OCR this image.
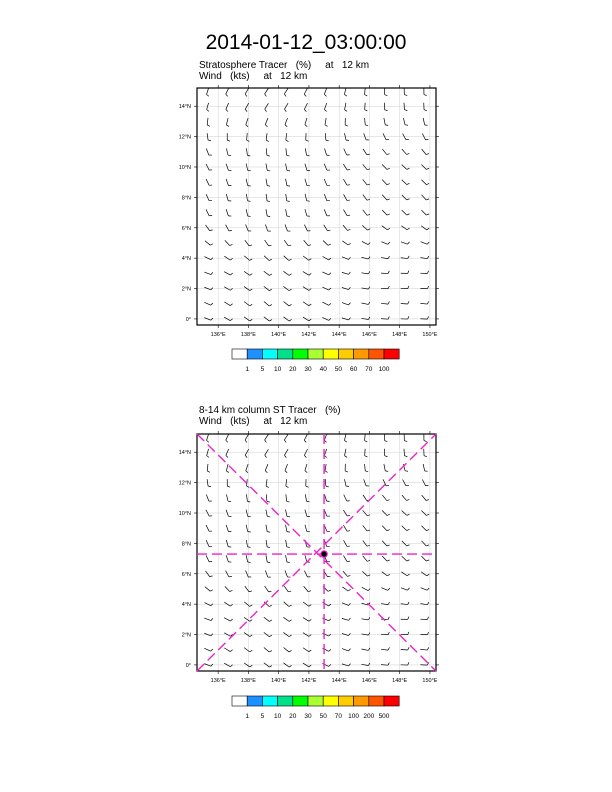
2014-01-12_03:00:00
Stratosphere Tracer   (%)     at   12 km
Wind   (kts)     at   12 km
8-14 km column ST Tracer   (%)
Wind   (kts)     at   12 km
136°E	138°E	140°E	142°E	144°E	146°E	148°E	150°E
0°
2°N
4°N
6°N
8°N
10°N
12°N
14°N
1 5 10 20 30 40 50 60 70 100
136°E	138°E	140°E	142°E	144°E	146°E	148°E	150°E
0°
2°N
4°N
6°N
8°N
10°N
12°N
14°N
1 5 10 20 30 50 70 100 200 500
